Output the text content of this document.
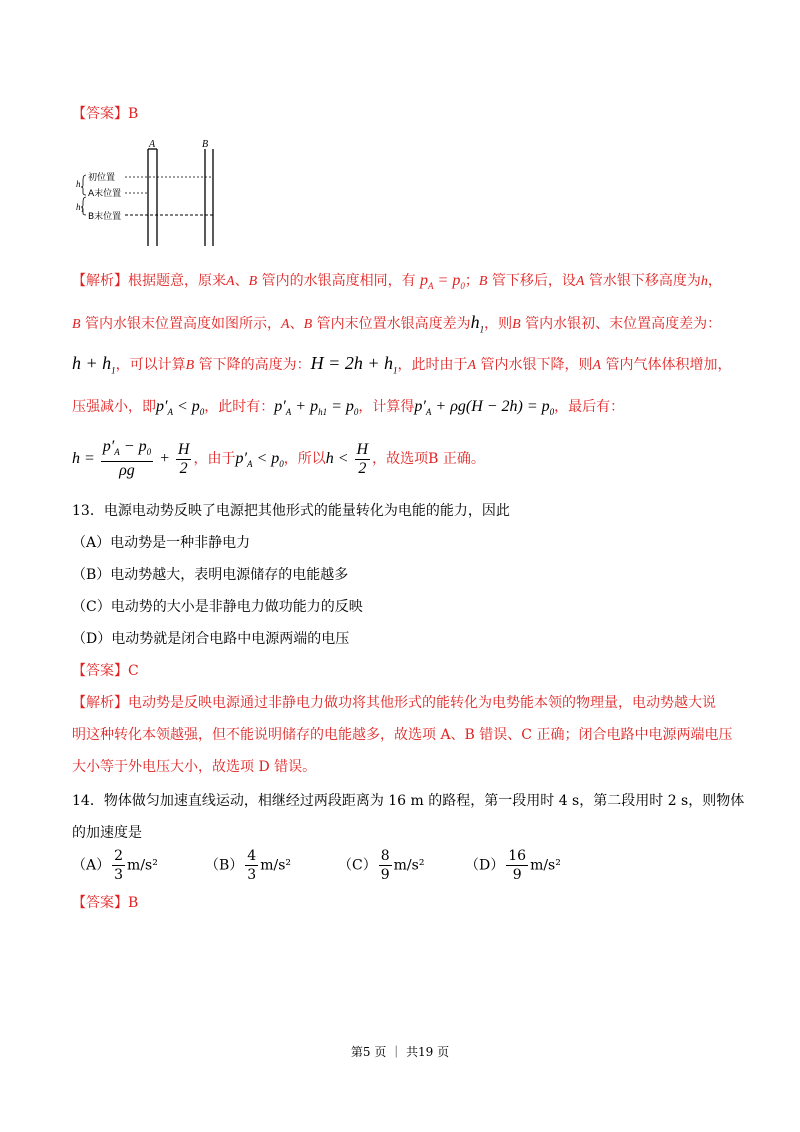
【答案】B
A	B
h
h₁
初位置
A末位置
B末位置
【解析】根据题意，原来A、B 管内的水银高度相同，有 $p_A = p_0$；B 管下移后，设A 管水银下移高度为h，
B 管内水银末位置高度如图所示，A、B 管内末位置水银高度差为$h_1$，则B 管内水银初、末位置高度差为：
$h + h_1$，可以计算B 管下降的高度为：$H = 2h + h_1$，此时由于A 管内水银下降，则A 管内气体体积增加，
压强减小，即$p'_A < p_0$，此时有：$p'_A + p_{h1} = p_0$，计算得$p'_A + \rho g(H - 2h) = p_0$，最后有：
$h = \frac{p'_A - p_0}{\rho g} + \frac{H}{2}$ ，由于$p'_A < p_0$，所以$h < \frac{H}{2}$ ，故选项B 正确。
13．电源电动势反映了电源把其他形式的能量转化为电能的能力，因此
（A）电动势是一种非静电力
（B）电动势越大，表明电源储存的电能越多
（C）电动势的大小是非静电力做功能力的反映
（D）电动势就是闭合电路中电源两端的电压
【答案】C
【解析】电动势是反映电源通过非静电力做功将其他形式的能转化为电势能本领的物理量，电动势越大说
明这种转化本领越强，但不能说明储存的电能越多，故选项 A、B 错误、C 正确；闭合电路中电源两端电压
大小等于外电压大小，故选项 D 错误。
14．物体做匀加速直线运动，相继经过两段距离为 16 m 的路程，第一段用时 4 s，第二段用时 2 s，则物体
的加速度是
$(A) \frac{2}{3} m/s^2$	$(B) \frac{4}{3} m/s^2$	$(C) \frac{8}{9} m/s^2$	$(D) \frac{16}{9} m/s^2$
【答案】B
第5 页 ｜ 共19 页
